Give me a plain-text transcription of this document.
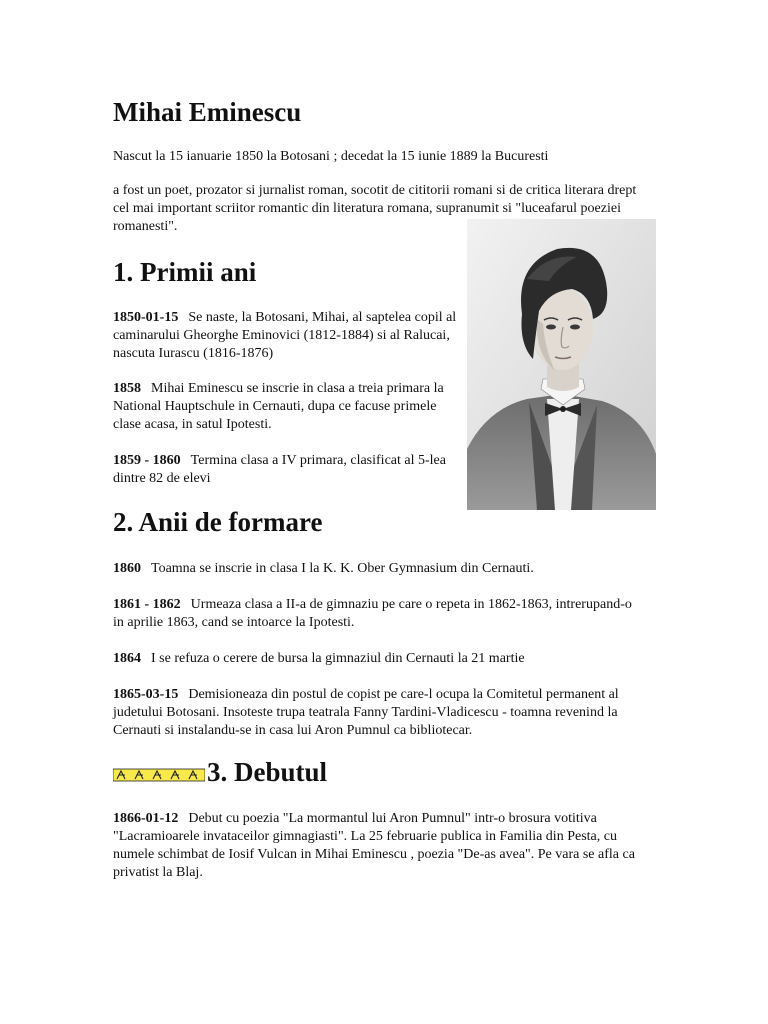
Mihai Eminescu

Nascut la 15 ianuarie 1850 la Botosani ; decedat la 15 iunie 1889 la Bucuresti

a fost un poet, prozator si jurnalist roman, socotit de cititorii romani si de critica literara drept cel mai important scriitor romantic din literatura romana, supranumit si "luceafarul poeziei romanesti".

1. Primii ani

1850-01-15 Se naste, la Botosani, Mihai, al saptelea copil al caminarului Gheorghe Eminovici (1812-1884) si al Ralucai, nascuta Iurascu (1816-1876)

1858 Mihai Eminescu se inscrie in clasa a treia primara la National Hauptschule in Cernauti, dupa ce facuse primele clase acasa, in satul Ipotesti.

1859 - 1860 Termina clasa a IV primara, clasificat al 5-lea dintre 82 de elevi

2. Anii de formare

1860 Toamna se inscrie in clasa I la K. K. Ober Gymnasium din Cernauti.

1861 - 1862 Urmeaza clasa a II-a de gimnaziu pe care o repeta in 1862-1863, intrerupand-o in aprilie 1863, cand se intoarce la Ipotesti.

1864 I se refuza o cerere de bursa la gimnaziul din Cernauti la 21 martie

1865-03-15 Demisioneaza din postul de copist pe care-l ocupa la Comitetul permanent al judetului Botosani. Insoteste trupa teatrala Fanny Tardini-Vladicescu - toamna revenind la Cernauti si instalandu-se in casa lui Aron Pumnul ca bibliotecar.

3. Debutul

1866-01-12 Debut cu poezia "La mormantul lui Aron Pumnul" intr-o brosura votitiva "Lacramioarele invataceilor gimnagiasti". La 25 februarie publica in Familia din Pesta, cu numele schimbat de Iosif Vulcan in Mihai Eminescu , poezia "De-as avea". Pe vara se afla ca privatist la Blaj.
